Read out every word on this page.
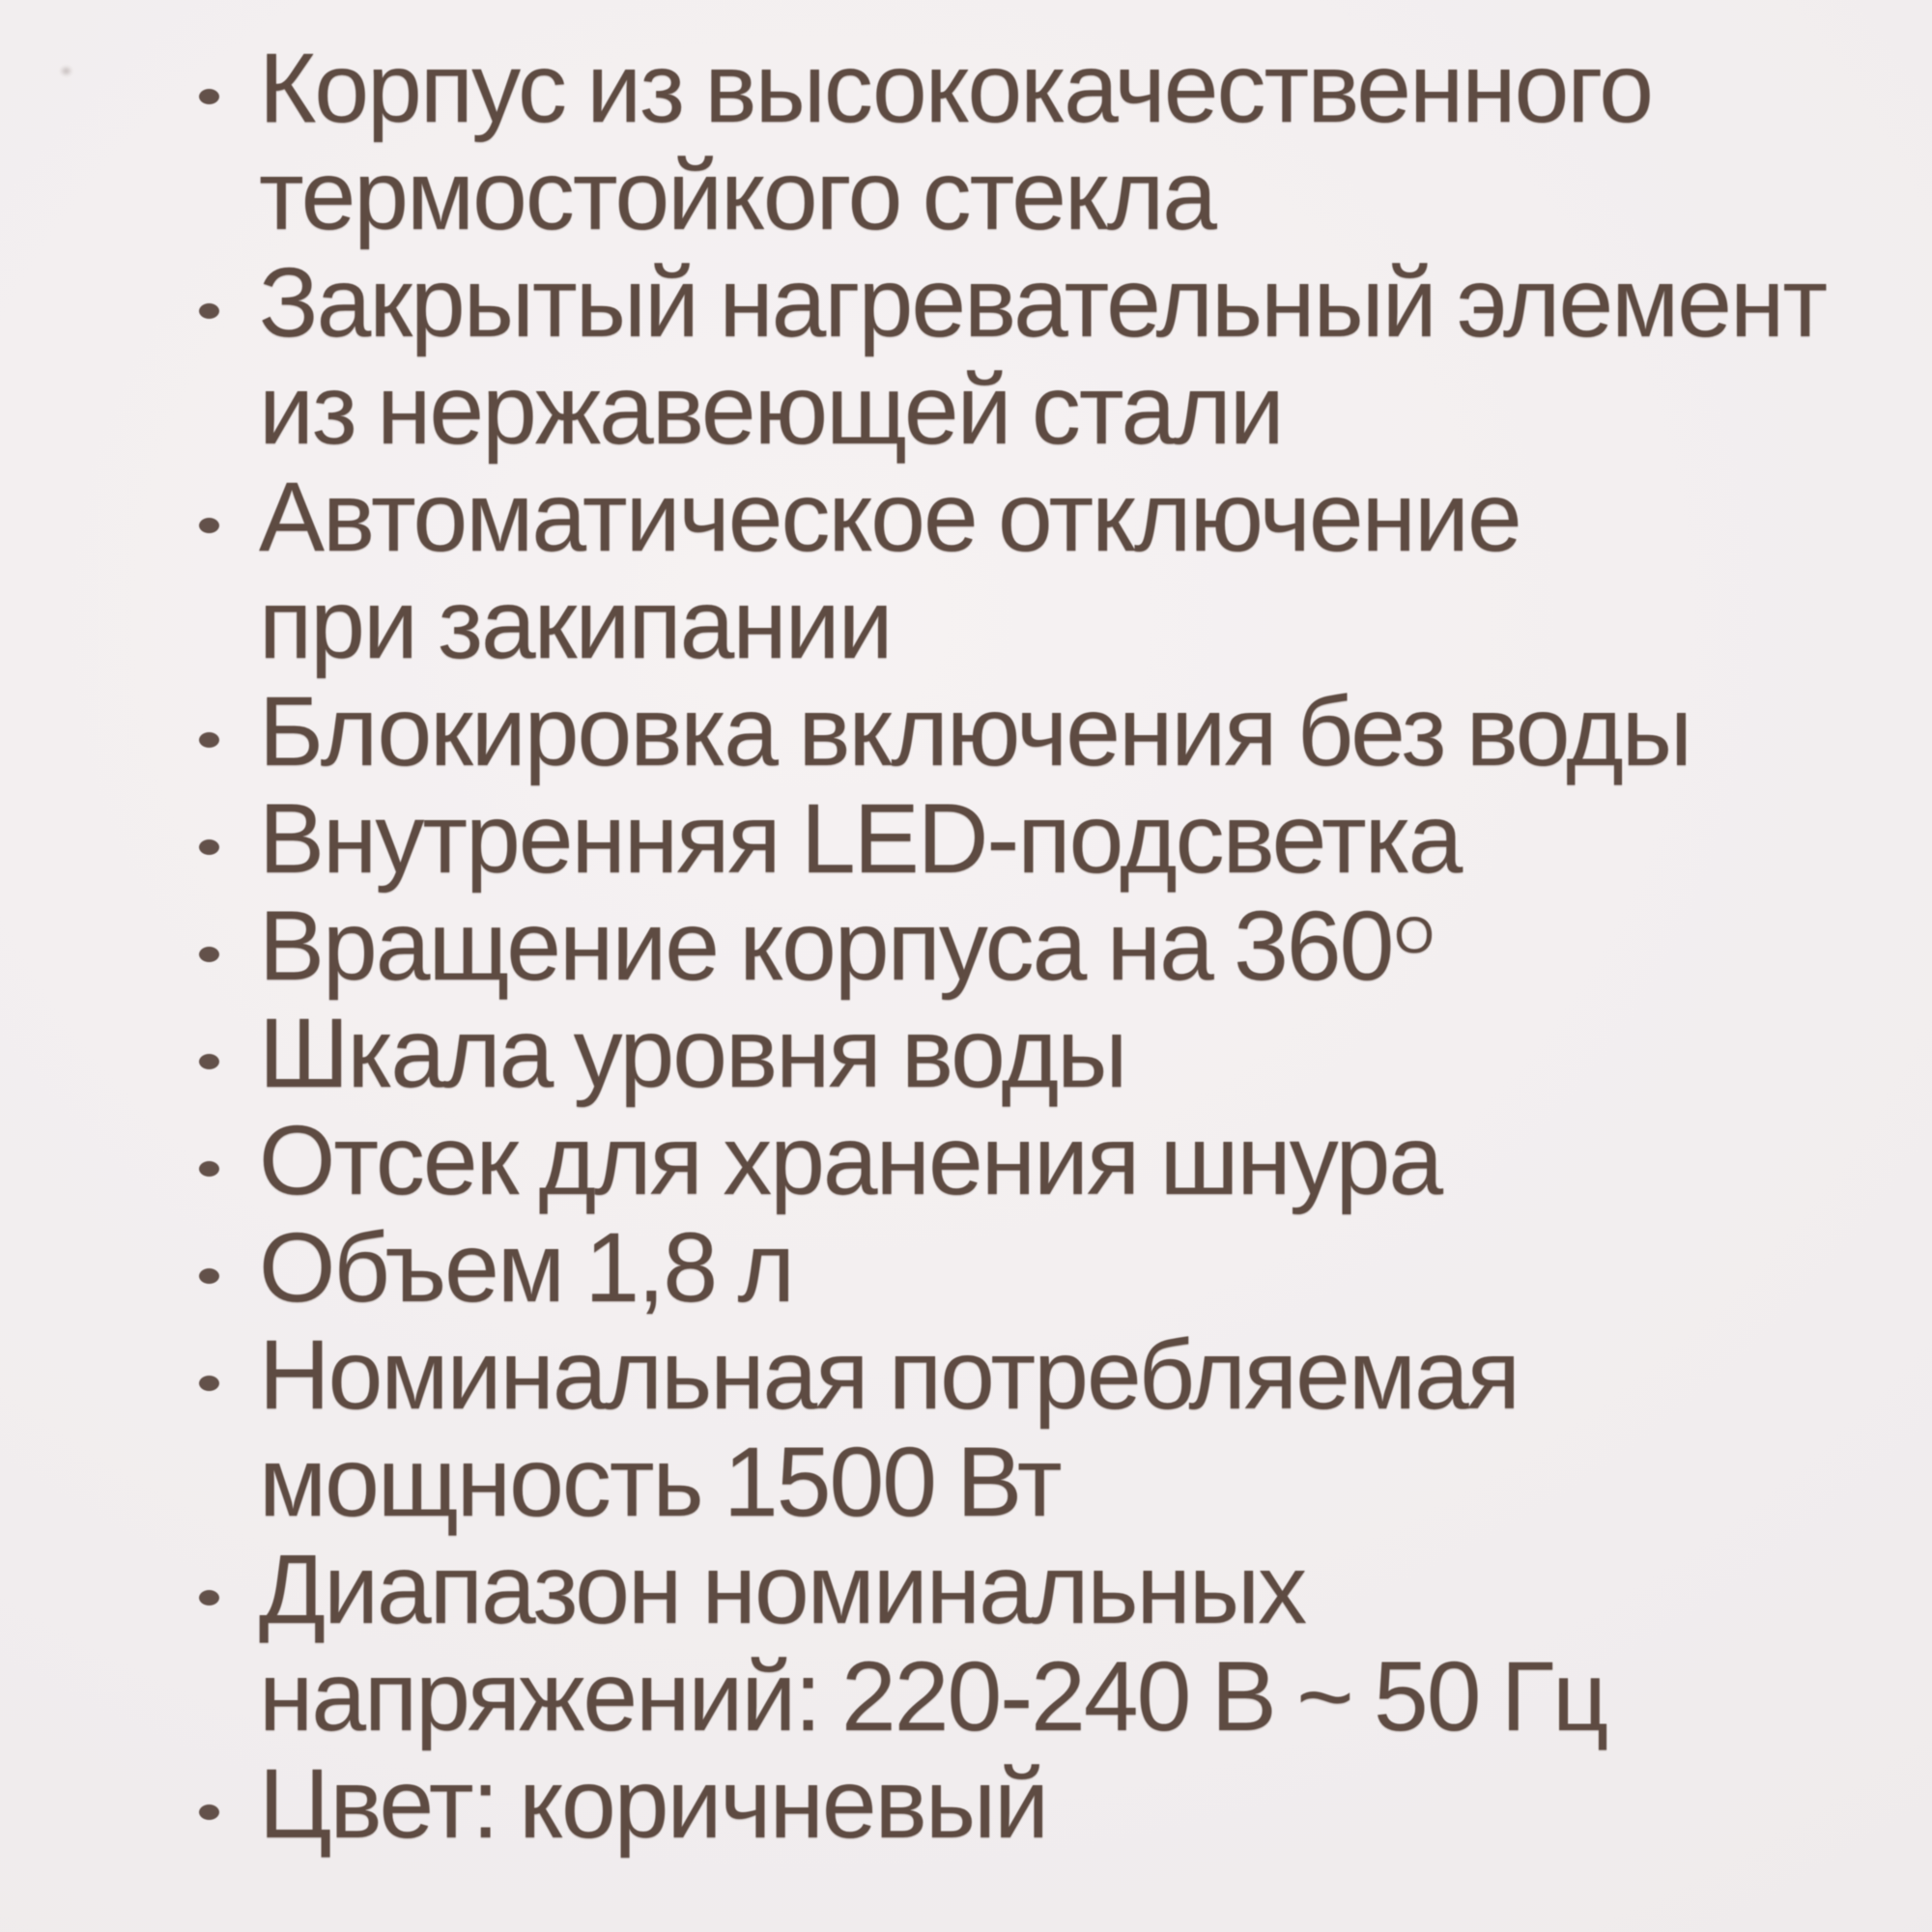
Корпус из высококачественного
термостойкого стекла
Закрытый нагревательный элемент
из нержавеющей стали
Автоматическое отключение
при закипании
Блокировка включения без воды
Внутренняя LED-подсветка
Вращение корпуса на $360^О$
Шкала уровня воды
Отсек для хранения шнура
Объем 1,8 л
Номинальная потребляемая
мощность 1500 Вт
Диапазон номинальных
напряжений: 220-240 В ~ 50 Гц
Цвет: коричневый
